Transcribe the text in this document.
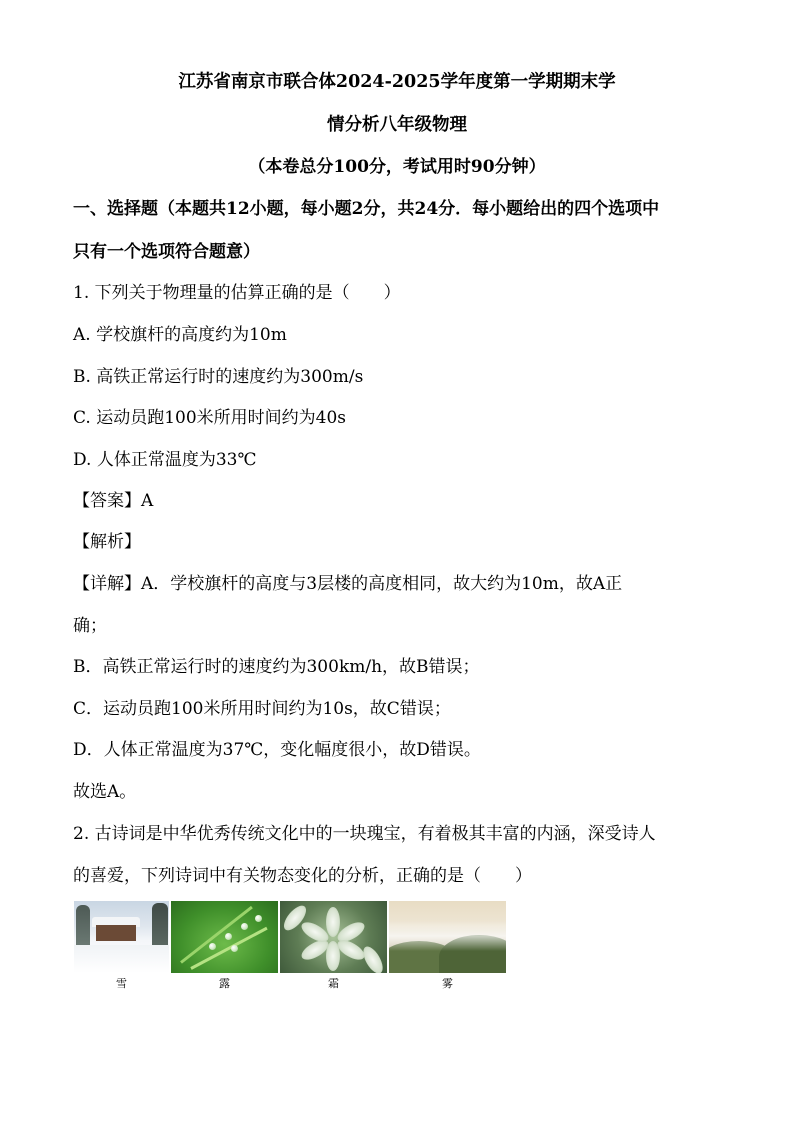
江苏省南京市联合体2024-2025学年度第一学期期末学
情分析八年级物理
（本卷总分100分，考试用时90分钟）
一、选择题（本题共12小题，每小题2分，共24分．每小题给出的四个选项中
只有一个选项符合题意）
1. 下列关于物理量的估算正确的是（　　）
A. 学校旗杆的高度约为10m
B. 高铁正常运行时的速度约为300m/s
C. 运动员跑100米所用时间约为40s
D. 人体正常温度为33℃
【答案】A
【解析】
【详解】A．学校旗杆的高度与3层楼的高度相同，故大约为10m，故A正
确；
B．高铁正常运行时的速度约为300km/h，故B错误；
C．运动员跑100米所用时间约为10s，故C错误；
D．人体正常温度为37℃，变化幅度很小，故D错误。
故选A。
2. 古诗词是中华优秀传统文化中的一块瑰宝，有着极其丰富的内涵，深受诗人
的喜爱，下列诗词中有关物态变化的分析，正确的是（　　）
雪	露	霜	雾
